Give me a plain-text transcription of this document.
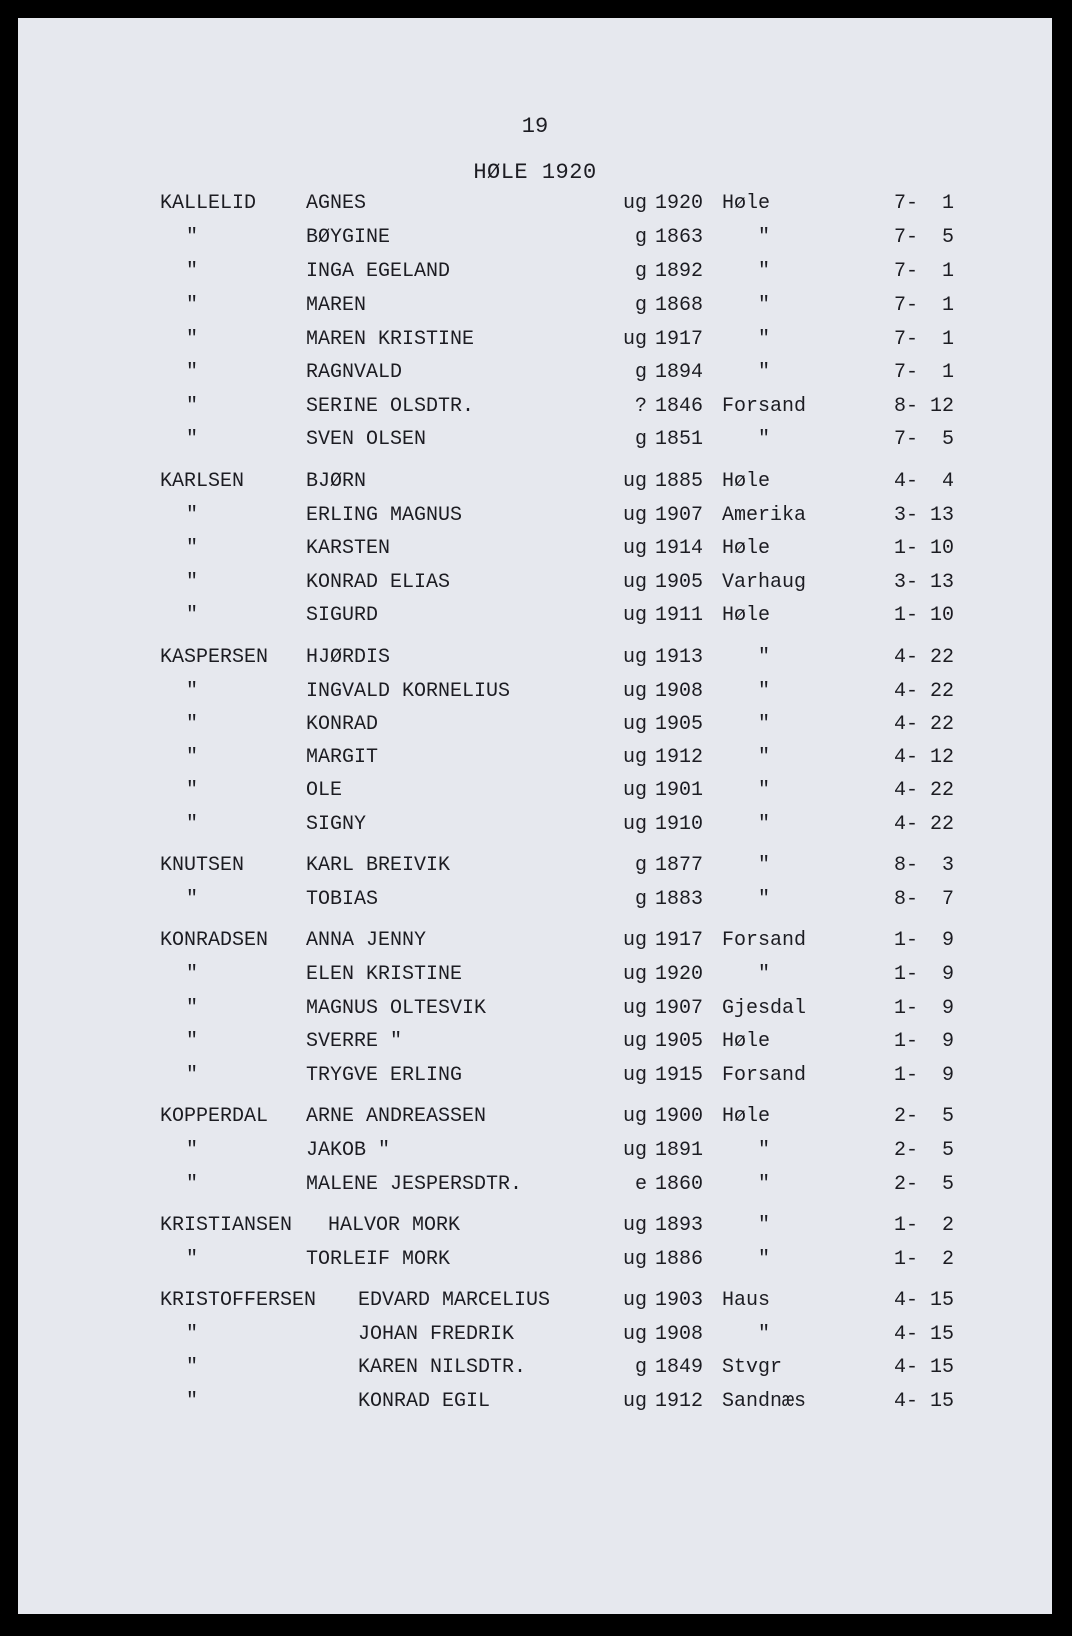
19
HØLE 1920
KALLELID AGNES	ug 1920 Høle	7-  1
"	BØYGINE	g 1863	"	7-  5
"	INGA EGELAND	g 1892	"	7-  1
"	MAREN	g 1868	"	7-  1
"	MAREN KRISTINE	ug 1917	"	7-  1
"	RAGNVALD	g 1894	"	7-  1
"	SERINE OLSDTR.	? 1846 Forsand	8- 12
"	SVEN OLSEN	g 1851	"	7-  5
KARLSEN	BJØRN	ug 1885 Høle	4-  4
"	ERLING MAGNUS	ug 1907 Amerika	3- 13
"	KARSTEN	ug 1914 Høle	1- 10
"	KONRAD ELIAS	ug 1905 Varhaug	3- 13
"	SIGURD	ug 1911 Høle	1- 10
KASPERSEN HJØRDIS	ug 1913	"	4- 22
"	INGVALD KORNELIUS	ug 1908	"	4- 22
"	KONRAD	ug 1905	"	4- 22
"	MARGIT	ug 1912	"	4- 12
"	OLE	ug 1901	"	4- 22
"	SIGNY	ug 1910	"	4- 22
KNUTSEN	KARL BREIVIK	g 1877	"	8-  3
"	TOBIAS	g 1883	"	8-  7
KONRADSEN ANNA JENNY	ug 1917 Forsand	1-  9
"	ELEN KRISTINE	ug 1920	"	1-  9
"	MAGNUS OLTESVIK	ug 1907 Gjesdal	1-  9
"	SVERRE "	ug 1905 Høle	1-  9
"	TRYGVE ERLING	ug 1915 Forsand	1-  9
KOPPERDAL ARNE ANDREASSEN	ug 1900 Høle	2-  5
"	JAKOB "	ug 1891	"	2-  5
"	MALENE JESPERSDTR.	e 1860	"	2-  5
KRISTIANSEN HALVOR MORK	ug 1893	"	1-  2
"	TORLEIF MORK	ug 1886	"	1-  2
KRISTOFFERSEN EDVARD MARCELIUS	ug 1903 Haus	4- 15
"	JOHAN FREDRIK	ug 1908	"	4- 15
"	KAREN NILSDTR.	g 1849 Stvgr	4- 15
"	KONRAD EGIL	ug 1912 Sandnæs	4- 15
